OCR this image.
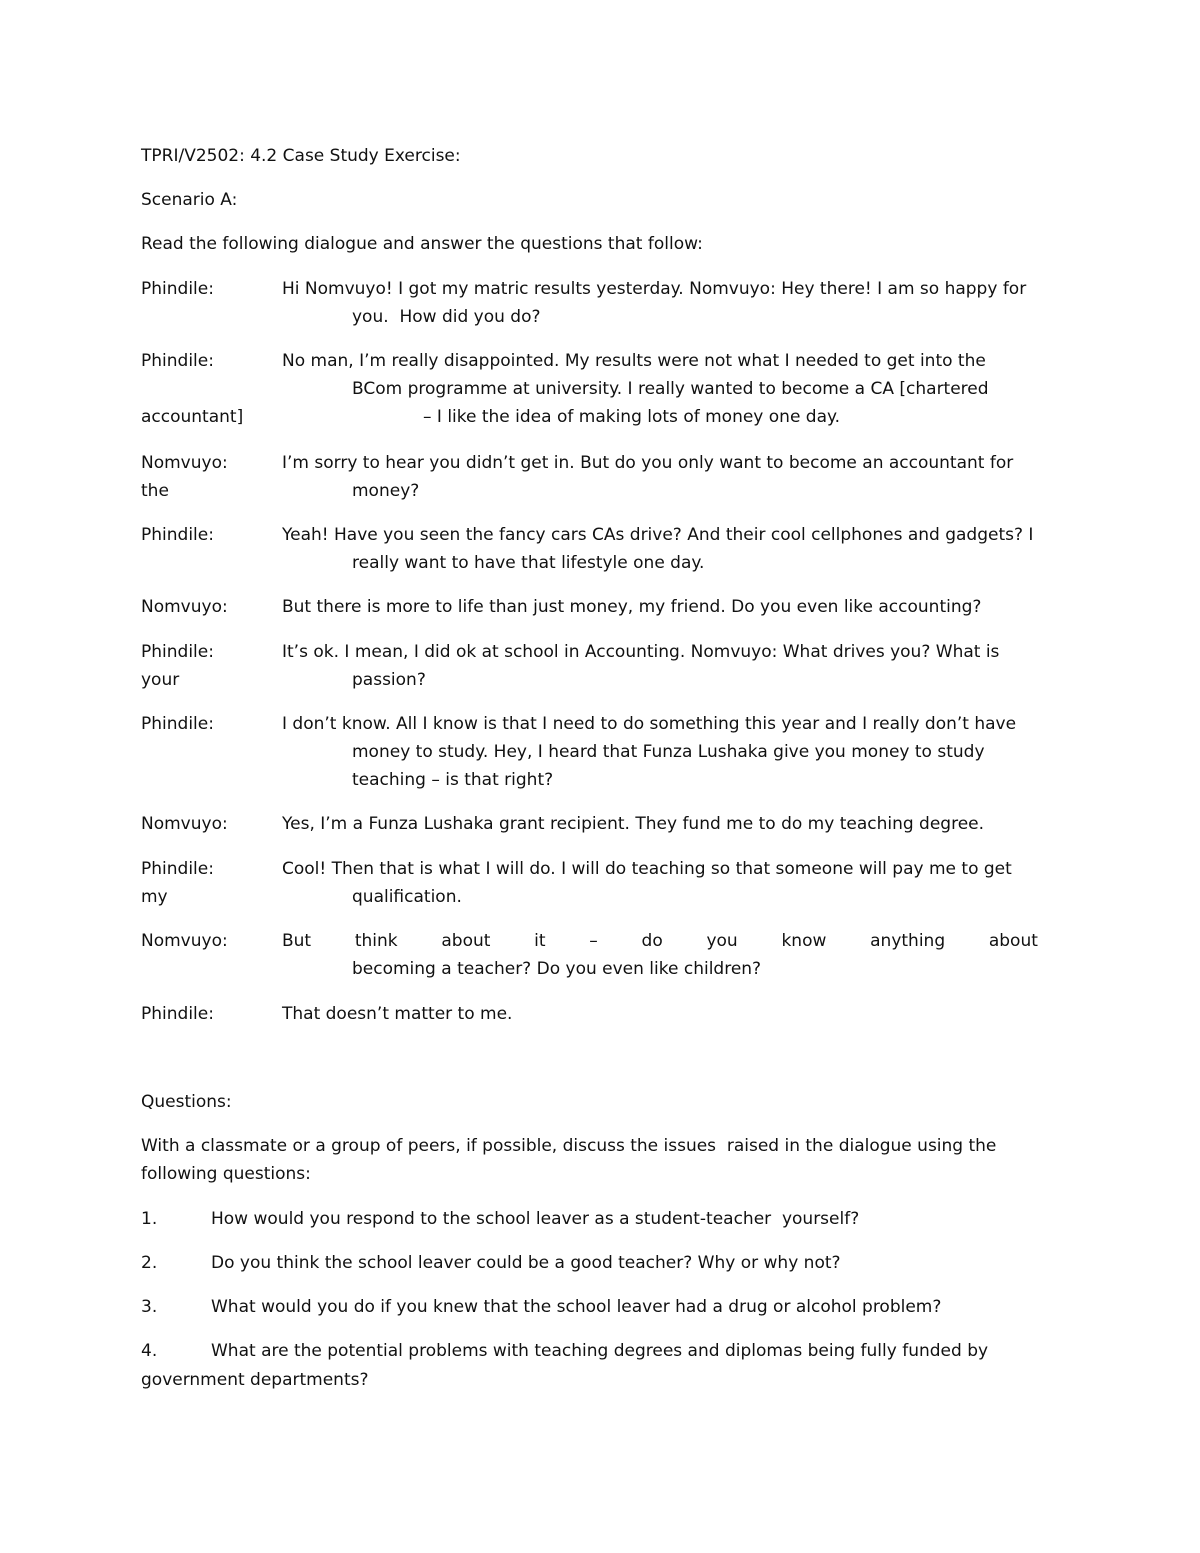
TPRI/V2502: 4.2 Case Study Exercise:
Scenario A:
Read the following dialogue and answer the questions that follow:
Phindile:	Hi Nomvuyo! I got my matric results yesterday. Nomvuyo: Hey there! I am so happy for
you.  How did you do?
Phindile:	No man, I’m really disappointed. My results were not what I needed to get into the
BCom programme at university. I really wanted to become a CA [chartered
accountant]	– I like the idea of making lots of money one day.
Nomvuyo:	I’m sorry to hear you didn’t get in. But do you only want to become an accountant for
the	money?
Phindile:	Yeah! Have you seen the fancy cars CAs drive? And their cool cellphones and gadgets? I
really want to have that lifestyle one day.
Nomvuyo:	But there is more to life than just money, my friend. Do you even like accounting?
Phindile:	It’s ok. I mean, I did ok at school in Accounting. Nomvuyo: What drives you? What is
your	passion?
Phindile:	I don’t know. All I know is that I need to do something this year and I really don’t have
money to study. Hey, I heard that Funza Lushaka give you money to study
teaching – is that right?
Nomvuyo:	Yes, I’m a Funza Lushaka grant recipient. They fund me to do my teaching degree.
Phindile:	Cool! Then that is what I will do. I will do teaching so that someone will pay me to get
my	qualification.
Nomvuyo:	But	think	about	it	–	do	you	know	anything	about
becoming a teacher? Do you even like children?
Phindile:	That doesn’t matter to me.
Questions:
With a classmate or a group of peers, if possible, discuss the issues  raised in the dialogue using the
following questions:
1.	How would you respond to the school leaver as a student-teacher  yourself?
2.	Do you think the school leaver could be a good teacher? Why or why not?
3.	What would you do if you knew that the school leaver had a drug or alcohol problem?
4.	What are the potential problems with teaching degrees and diplomas being fully funded by
government departments?
